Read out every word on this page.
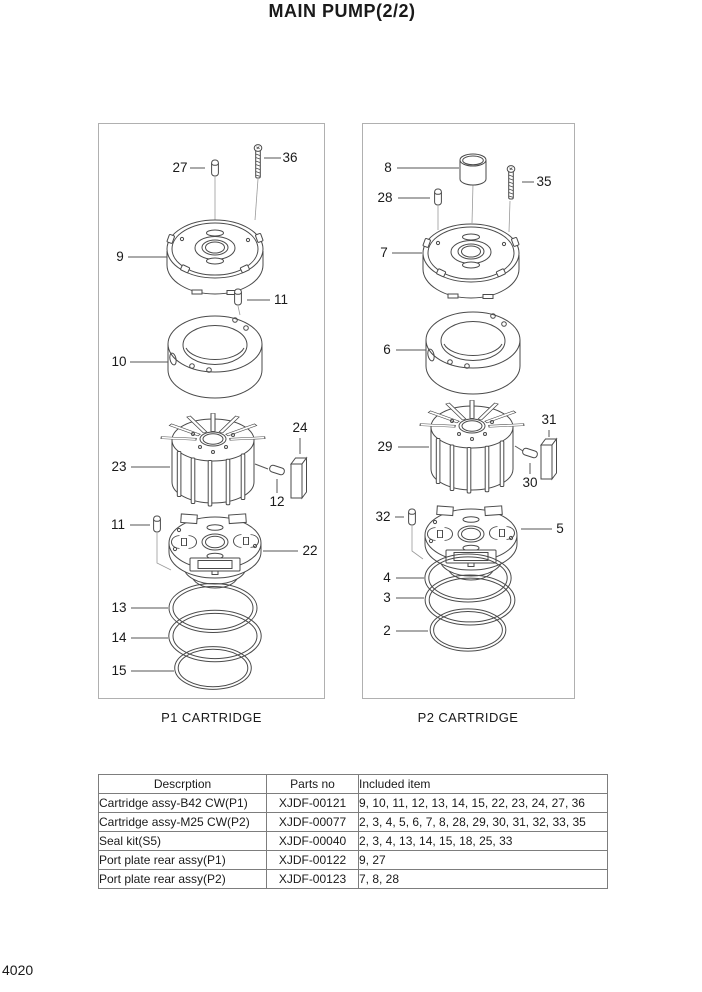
MAIN PUMP(2/2)
27
36
9
11
10
23
24
12
11
22
13
14
15
8
35
28
7
6
29
31
30
32
5
4
3
2
P1 CARTRIDGE	P2 CARTRIDGE
Descrption	Parts no	Included item
Cartridge assy-B42 CW(P1)	XJDF-00121	9, 10, 11, 12, 13, 14, 15, 22, 23, 24, 27, 36
Cartridge assy-M25 CW(P2)	XJDF-00077	2, 3, 4, 5, 6, 7, 8, 28, 29, 30, 31, 32, 33, 35
Seal kit(S5)	XJDF-00040	2, 3, 4, 13, 14, 15, 18, 25, 33
Port plate rear assy(P1)	XJDF-00122	9, 27
Port plate rear assy(P2)	XJDF-00123	7, 8, 28
4020
